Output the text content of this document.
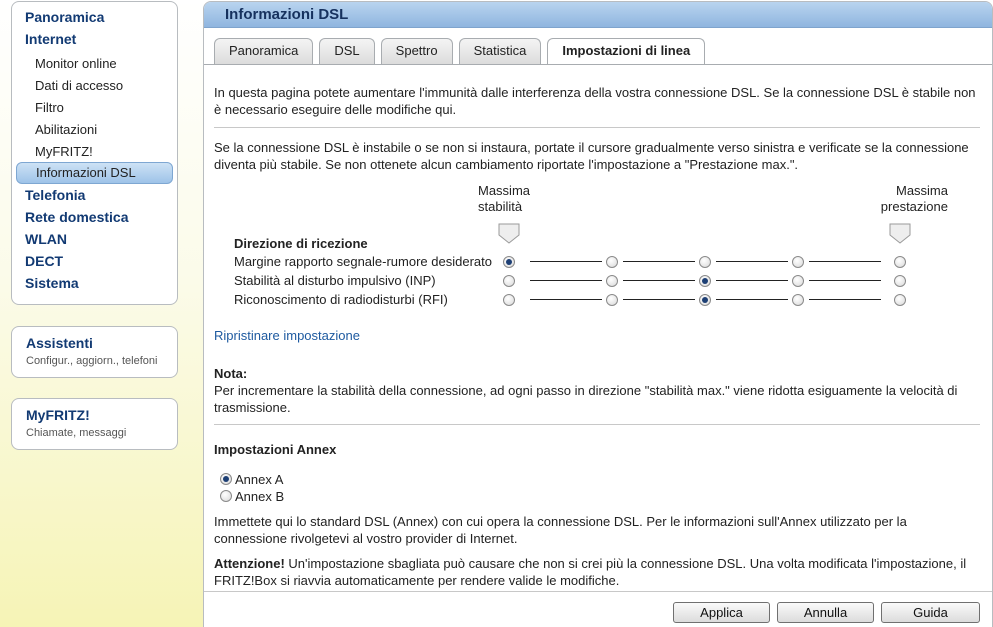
Panoramica
Internet
Monitor online
Dati di accesso
Filtro
Abilitazioni
MyFRITZ!
Informazioni DSL
Telefonia
Rete domestica
WLAN
DECT
Sistema
Assistenti
Configur., aggiorn., telefoni
MyFRITZ!
Chiamate, messaggi
Informazioni DSL
Panoramica	DSL	Spettro	Statistica	Impostazioni di linea
In questa pagina potete aumentare l'immunità dalle interferenza della vostra connessione DSL. Se la connessione DSL è stabile non è necessario eseguire delle modifiche qui.
Se la connessione DSL è instabile o se non si instaura, portate il cursore gradualmente verso sinistra e verificate se la connessione diventa più stabile. Se non ottenete alcun cambiamento riportate l'impostazione a "Prestazione max.".
Massima
stabilità
Massima
prestazione
Direzione di ricezione
Margine rapporto segnale-rumore desiderato
Stabilità al disturbo impulsivo (INP)
Riconoscimento di radiodisturbi (RFI)
Ripristinare impostazione
Nota:
Per incrementare la stabilità della connessione, ad ogni passo in direzione "stabilità max." viene ridotta esiguamente la velocità di trasmissione.
Impostazioni Annex
Annex A
Annex B
Immettete qui lo standard DSL (Annex) con cui opera la connessione DSL. Per le informazioni sull'Annex utilizzato per la connessione rivolgetevi al vostro provider di Internet.
Attenzione! Un'impostazione sbagliata può causare che non si crei più la connessione DSL. Una volta modificata l'impostazione, il FRITZ!Box si riavvia automaticamente per rendere valide le modifiche.
Applica	Annulla	Guida
